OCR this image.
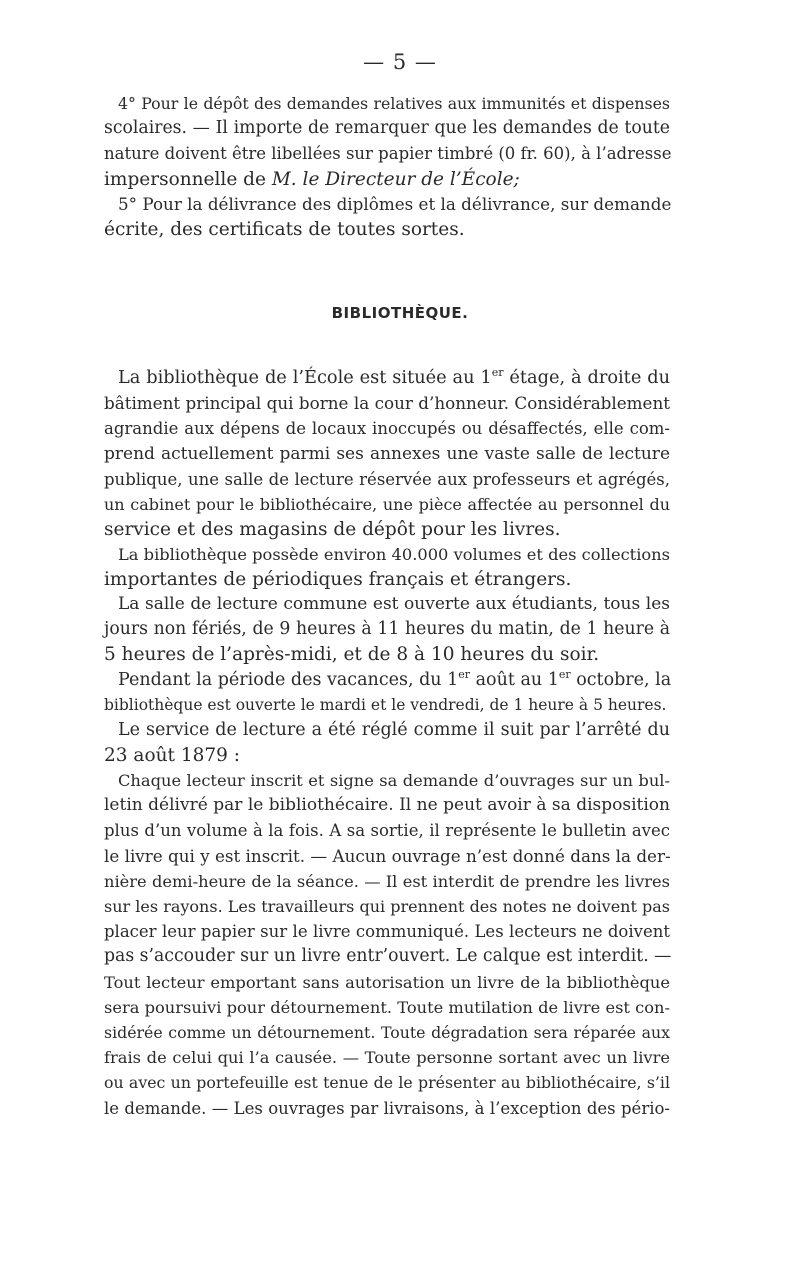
— 5 —
4° Pour le dépôt des demandes relatives aux immunités et dispenses
scolaires. — Il importe de remarquer que les demandes de toute
nature doivent être libellées sur papier timbré (0 fr. 60), à l’adresse
impersonnelle de M. le Directeur de l’École;
5° Pour la délivrance des diplômes et la délivrance, sur demande
écrite, des certificats de toutes sortes.
BIBLIOTHÈQUE.
La bibliothèque de l’École est située au 1er étage, à droite du
bâtiment principal qui borne la cour d’honneur. Considérablement
agrandie aux dépens de locaux inoccupés ou désaffectés, elle com-
prend actuellement parmi ses annexes une vaste salle de lecture
publique, une salle de lecture réservée aux professeurs et agrégés,
un cabinet pour le bibliothécaire, une pièce affectée au personnel du
service et des magasins de dépôt pour les livres.
La bibliothèque possède environ 40.000 volumes et des collections
importantes de périodiques français et étrangers.
La salle de lecture commune est ouverte aux étudiants, tous les
jours non fériés, de 9 heures à 11 heures du matin, de 1 heure à
5 heures de l’après-midi, et de 8 à 10 heures du soir.
Pendant la période des vacances, du 1er août au 1er octobre, la
bibliothèque est ouverte le mardi et le vendredi, de 1 heure à 5 heures.
Le service de lecture a été réglé comme il suit par l’arrêté du
23 août 1879 :
Chaque lecteur inscrit et signe sa demande d’ouvrages sur un bul-
letin délivré par le bibliothécaire. Il ne peut avoir à sa disposition
plus d’un volume à la fois. A sa sortie, il représente le bulletin avec
le livre qui y est inscrit. — Aucun ouvrage n’est donné dans la der-
nière demi-heure de la séance. — Il est interdit de prendre les livres
sur les rayons. Les travailleurs qui prennent des notes ne doivent pas
placer leur papier sur le livre communiqué. Les lecteurs ne doivent
pas s’accouder sur un livre entr’ouvert. Le calque est interdit. —
Tout lecteur emportant sans autorisation un livre de la bibliothèque
sera poursuivi pour détournement. Toute mutilation de livre est con-
sidérée comme un détournement. Toute dégradation sera réparée aux
frais de celui qui l’a causée. — Toute personne sortant avec un livre
ou avec un portefeuille est tenue de le présenter au bibliothécaire, s’il
le demande. — Les ouvrages par livraisons, à l’exception des pério-
